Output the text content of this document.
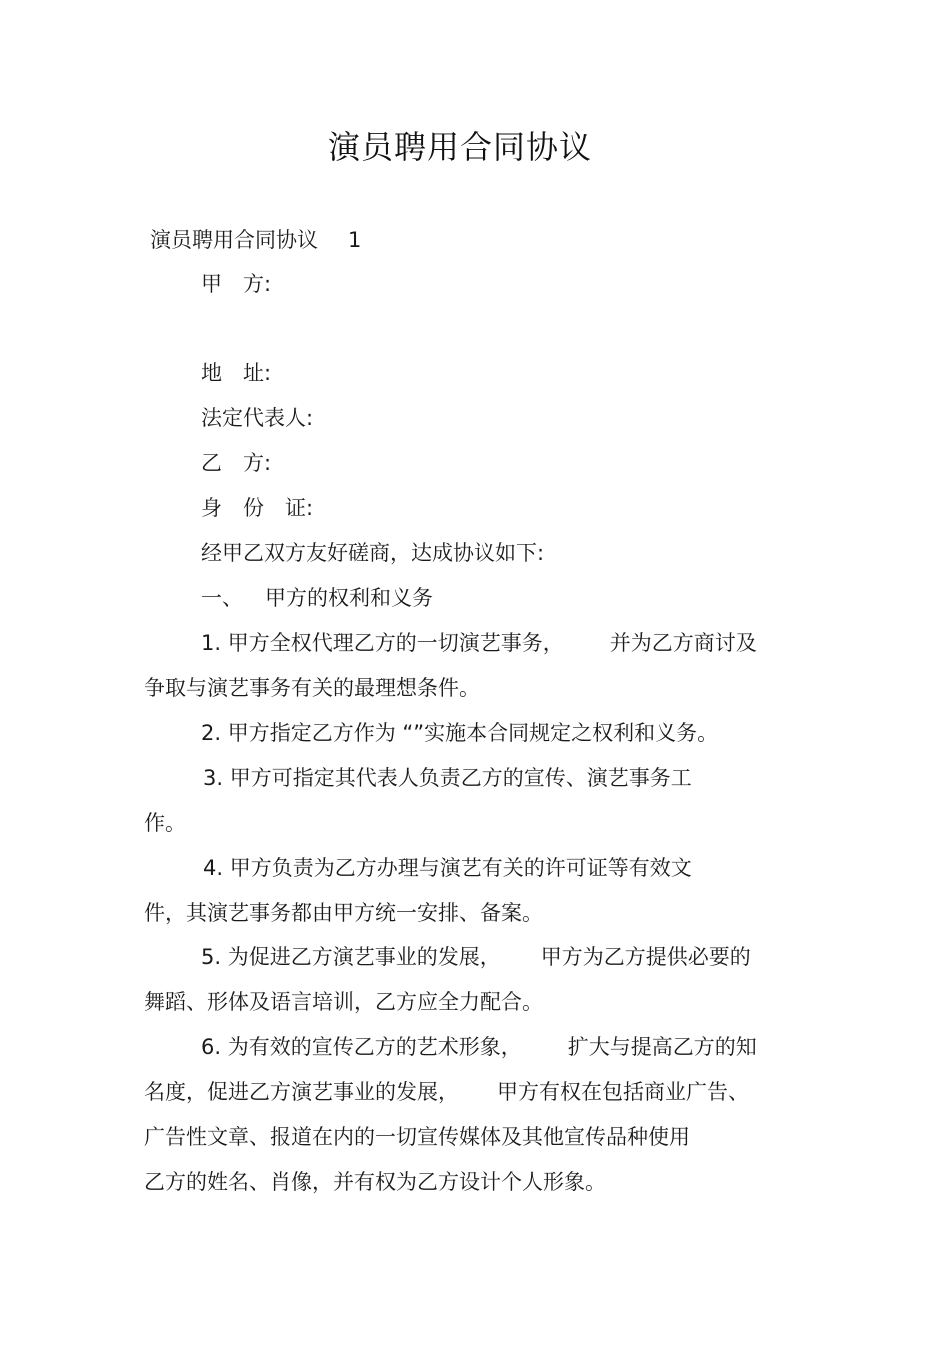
演员聘用合同协议
演员聘用合同协议 1
甲　方:
地　址:
法定代表人:
乙　方:
身　份　证:
经甲乙双方友好磋商，达成协议如下:
一、 甲方的权利和义务
1. 甲方全权代理乙方的一切演艺事务， 并为乙方商讨及
争取与演艺事务有关的最理想条件。
2. 甲方指定乙方作为 “”实施本合同规定之权利和义务。
3. 甲方可指定其代表人负责乙方的宣传、演艺事务工
作。
4. 甲方负责为乙方办理与演艺有关的许可证等有效文
件，其演艺事务都由甲方统一安排、备案。
5. 为促进乙方演艺事业的发展， 甲方为乙方提供必要的
舞蹈、形体及语言培训，乙方应全力配合。
6. 为有效的宣传乙方的艺术形象， 扩大与提高乙方的知
名度，促进乙方演艺事业的发展， 甲方有权在包括商业广告、
广告性文章、报道在内的一切宣传媒体及其他宣传品种使用
乙方的姓名、肖像，并有权为乙方设计个人形象。
